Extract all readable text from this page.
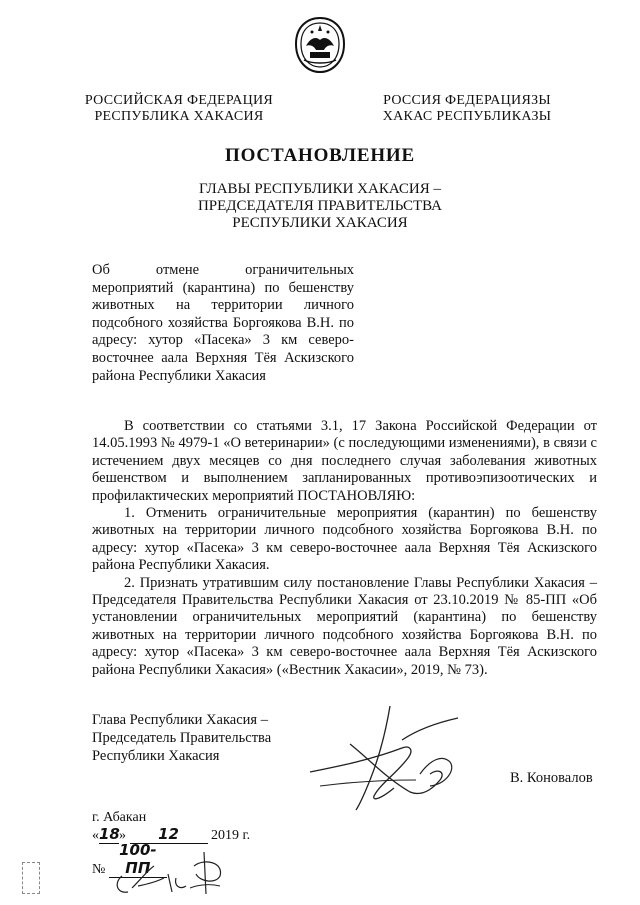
РОССИЙСКАЯ ФЕДЕРАЦИЯ
РЕСПУБЛИКА ХАКАСИЯ
РОССИЯ ФЕДЕРАЦИЯЗЫ
ХАКАС РЕСПУБЛИКАЗЫ
ПОСТАНОВЛЕНИЕ
ГЛАВЫ РЕСПУБЛИКИ ХАКАСИЯ –
ПРЕДСЕДАТЕЛЯ ПРАВИТЕЛЬСТВА
РЕСПУБЛИКИ ХАКАСИЯ
Об отмене ограничительных мероприятий (карантина) по бешенству животных на территории личного подсобного хозяйства Боргоякова В.Н. по адресу: хутор «Пасека» 3 км северо-восточнее аала Верхняя Тёя Аскизского района Республики Хакасия

В соответствии со статьями 3.1, 17 Закона Российской Федерации от 14.05.1993 № 4979-1 «О ветеринарии» (с последующими изменениями), в связи с истечением двух месяцев со дня последнего случая заболевания животных бешенством и выполнением запланированных противоэпизоотических и профилактических мероприятий ПОСТАНОВЛЯЮ:

1. Отменить ограничительные мероприятия (карантин) по бешенству животных на территории личного подсобного хозяйства Боргоякова В.Н. по адресу: хутор «Пасека» 3 км северо-восточнее аала Верхняя Тёя Аскизского района Республики Хакасия.

2. Признать утратившим силу постановление Главы Республики Хакасия – Председателя Правительства Республики Хакасия от 23.10.2019 № 85-ПП «Об установлении ограничительных мероприятий (карантина) по бешенству животных на территории личного подсобного хозяйства Боргоякова В.Н. по адресу: хутор «Пасека» 3 км северо-восточнее аала Верхняя Тёя Аскизского района Республики Хакасия» («Вестник Хакасии», 2019, № 73).

Глава Республики Хакасия –
Председатель Правительства
Республики Хакасия
В. Коновалов
г. Абакан
«18» 12 2019 г.
№ 100-ПП
